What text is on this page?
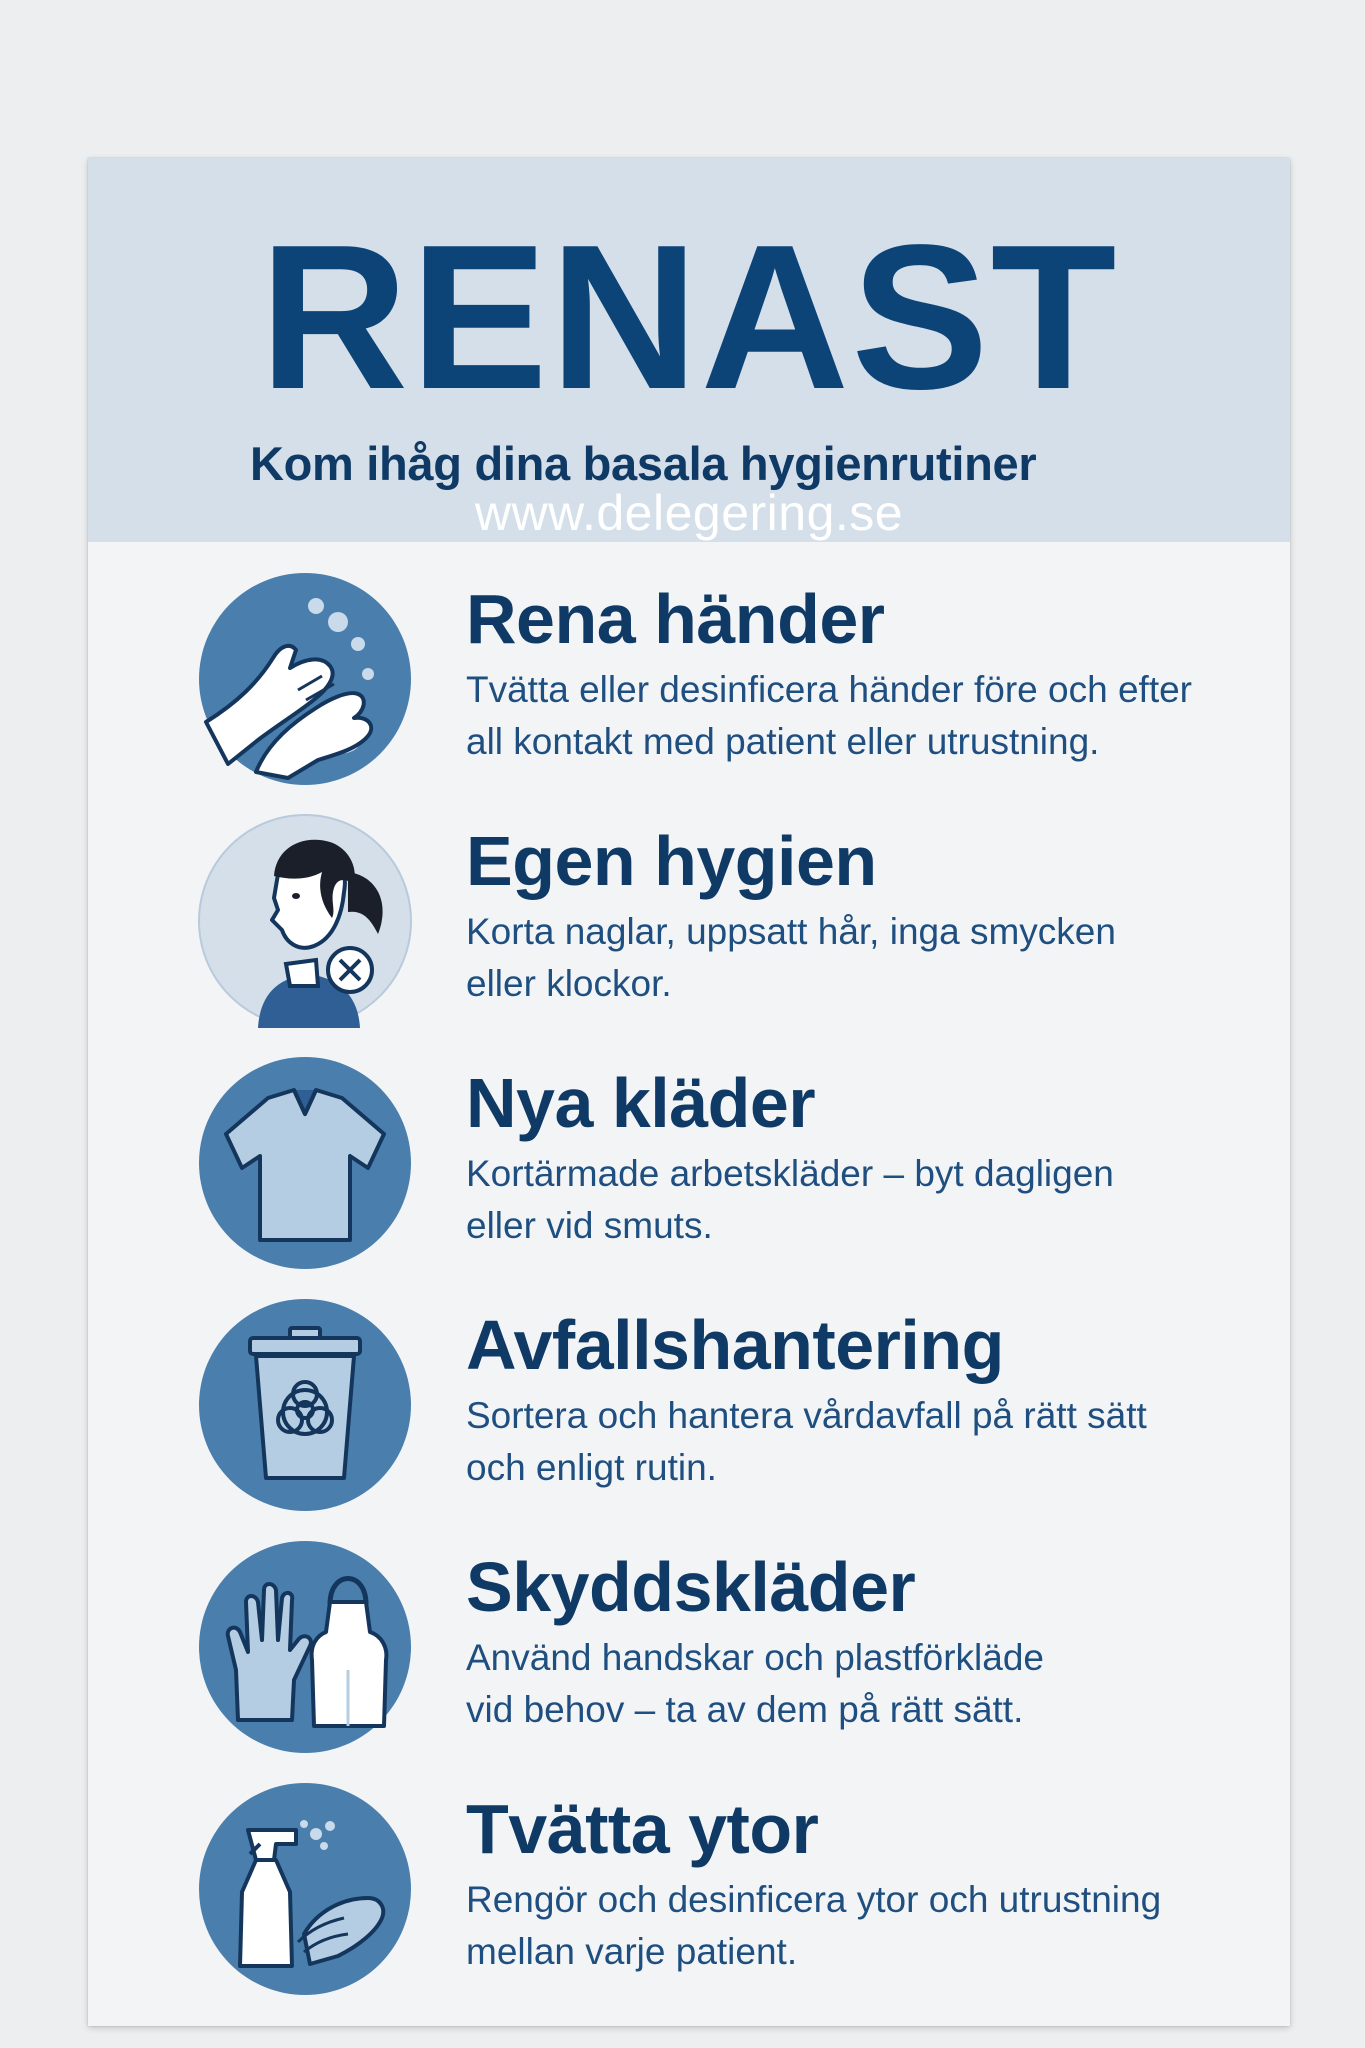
RENAST
Kom ihåg dina basala hygienrutiner
www.delegering.se
Rena händer
Tvätta eller desinficera händer före och efter
all kontakt med patient eller utrustning.
Egen hygien
Korta naglar, uppsatt hår, inga smycken
eller klockor.
Nya kläder
Kortärmade arbetskläder – byt dagligen
eller vid smuts.
Avfallshantering
Sortera och hantera vårdavfall på rätt sätt
och enligt rutin.
Skyddskläder
Använd handskar och plastförkläde
vid behov – ta av dem på rätt sätt.
Tvätta ytor
Rengör och desinficera ytor och utrustning
mellan varje patient.
